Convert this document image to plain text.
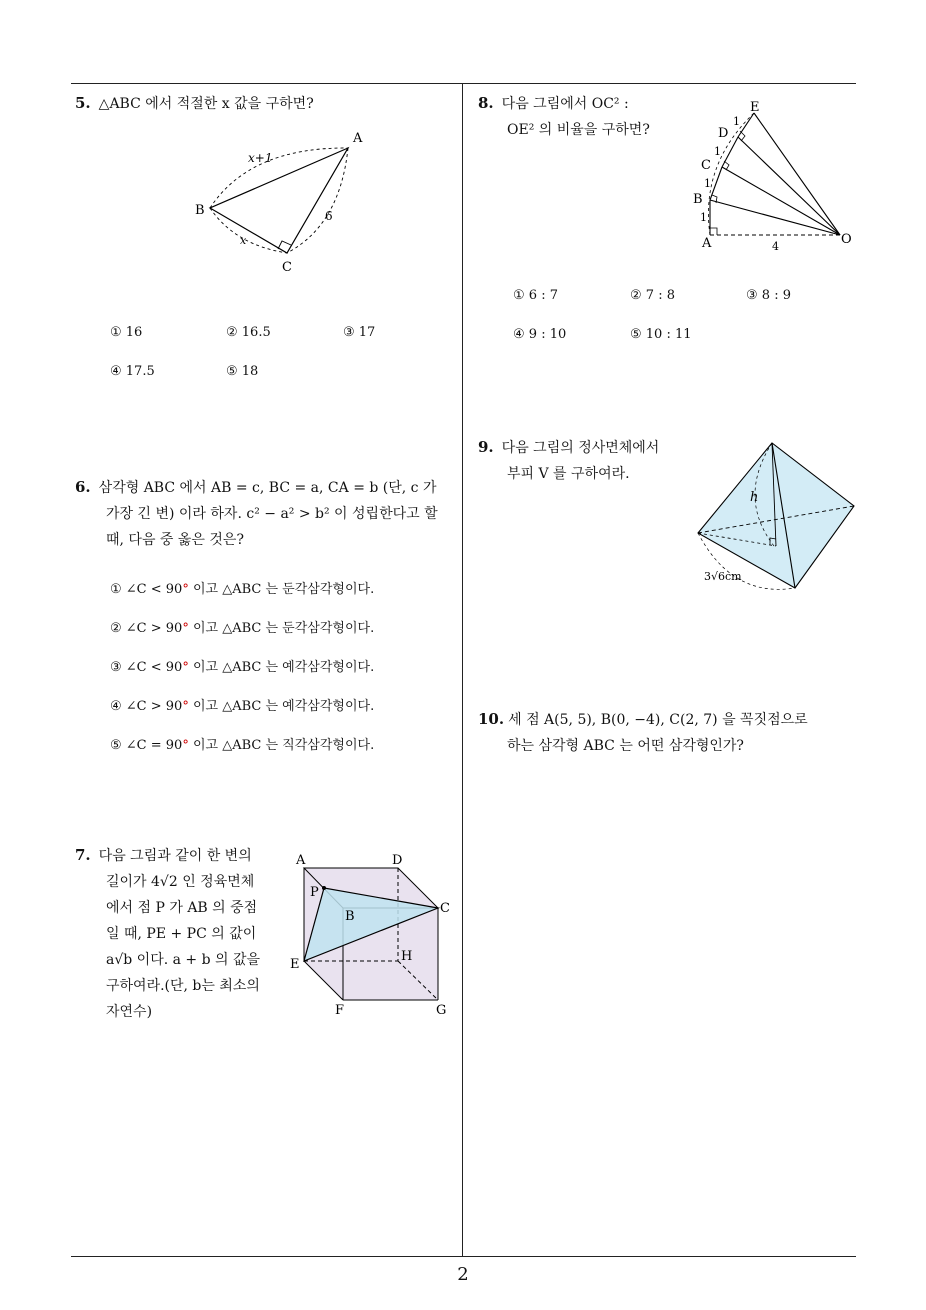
5. △ABC 에서 적절한 x 값을 구하면?
A
B
C
x+1
6
x
① 16	② 16.5	③ 17
④ 17.5	⑤ 18
6. 삼각형 ABC 에서 AB = c, BC = a, CA = b (단, c 가
가장 긴 변) 이라 하자. c² − a² > b² 이 성립한다고 할
때, 다음 중 옳은 것은?
① ∠C < 90° 이고 △ABC 는 둔각삼각형이다.
② ∠C > 90° 이고 △ABC 는 둔각삼각형이다.
③ ∠C < 90° 이고 △ABC 는 예각삼각형이다.
④ ∠C > 90° 이고 △ABC 는 예각삼각형이다.
⑤ ∠C = 90° 이고 △ABC 는 직각삼각형이다.
7. 다음 그림과 같이 한 변의
길이가 4√2 인 정육면체
에서 점 P 가 AB 의 중점
일 때, PE + PC 의 값이
a√b 이다. a + b 의 값을
구하여라.(단, b는 최소의
자연수)
A	D
P
B
C
E
H
F	G
8. 다음 그림에서 OC² :
OE² 의 비율을 구하면?
E
D
C
B
A	O
1
1
1
1
4
① 6 : 7	② 7 : 8	③ 8 : 9
④ 9 : 10	⑤ 10 : 11
9. 다음 그림의 정사면체에서
부피 V 를 구하여라.
h
3√6cm
10. 세 점 A(5, 5), B(0, −4), C(2, 7) 을 꼭짓점으로
하는 삼각형 ABC 는 어떤 삼각형인가?
2
